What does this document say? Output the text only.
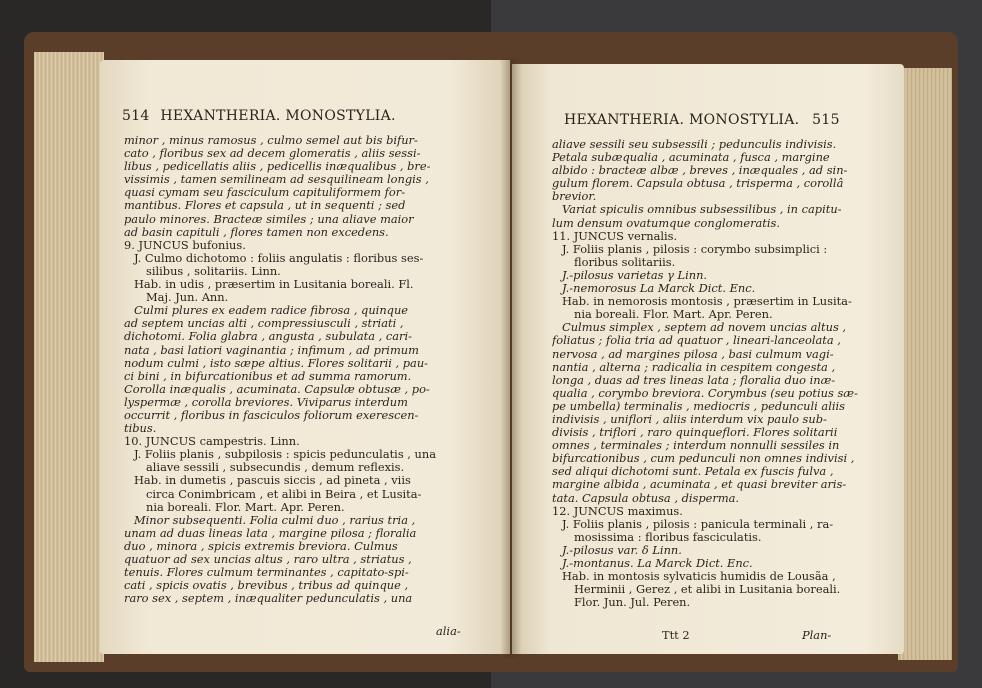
514 HEXANTHERIA. MONOSTYLIA.
minor , minus ramosus , culmo semel aut bis bifur-
cato , floribus sex ad decem glomeratis , aliis sessi-
libus , pedicellatis aliis , pedicellis inæqualibus , bre-
vissimis , tamen semilineam ad sesquilineam longis ,
quasi cymam seu fasciculum capituliformem for-
mantibus. Flores et capsula , ut in sequenti ; sed
paulo minores. Bracteæ similes ; una aliave maior
ad basin capituli , flores tamen non excedens.
9. JUNCUS bufonius.
J. Culmo dichotomo : foliis angulatis : floribus ses-
silibus , solitariis. Linn.
Hab. in udis , præsertim in Lusitania boreali. Fl.
Maj. Jun. Ann.
Culmi plures ex eadem radice fibrosa , quinque
ad septem uncias alti , compressiusculi , striati ,
dichotomi. Folia glabra , angusta , subulata , cari-
nata , basi latiori vaginantia ; infimum , ad primum
nodum culmi , isto sæpe altius. Flores solitarii , pau-
ci bini , in bifurcationibus et ad summa ramorum.
Corolla inæqualis , acuminata. Capsulæ obtusæ , po-
lyspermæ , corolla breviores. Viviparus interdum
occurrit , floribus in fasciculos foliorum exerescen-
tibus.
10. JUNCUS campestris. Linn.
J. Foliis planis , subpilosis : spicis pedunculatis , una
aliave sessili , subsecundis , demum reflexis.
Hab. in dumetis , pascuis siccis , ad pineta , viis
circa Conimbricam , et alibi in Beira , et Lusita-
nia boreali. Flor. Mart. Apr. Peren.
Minor subsequenti. Folia culmi duo , rarius tria ,
unam ad duas lineas lata , margine pilosa ; floralia
duo , minora , spicis extremis breviora. Culmus
quatuor ad sex uncias altus , raro ultra , striatus ,
tenuis. Flores culmum terminantes , capitato-spi-
cati , spicis ovatis , brevibus , tribus ad quinque ,
raro sex , septem , inæqualiter pedunculatis , una
alia-
HEXANTHERIA. MONOSTYLIA. 515
aliave sessili seu subsessili ; pedunculis indivisis.
Petala subæqualia , acuminata , fusca , margine
albido : bracteæ albæ , breves , inæquales , ad sin-
gulum florem. Capsula obtusa , trisperma , corollâ
brevior.
Variat spiculis omnibus subsessilibus , in capitu-
lum densum ovatumque conglomeratis.
11. JUNCUS vernalis.
J. Foliis planis , pilosis : corymbo subsimplici :
floribus solitariis.
J.-pilosus varietas γ Linn.
J.-nemorosus La Marck Dict. Enc.
Hab. in nemorosis montosis , præsertim in Lusita-
nia boreali. Flor. Mart. Apr. Peren.
Culmus simplex , septem ad novem uncias altus ,
foliatus ; folia tria ad quatuor , lineari-lanceolata ,
nervosa , ad margines pilosa , basi culmum vagi-
nantia , alterna ; radicalia in cespitem congesta ,
longa , duas ad tres lineas lata ; floralia duo inæ-
qualia , corymbo breviora. Corymbus (seu potius sæ-
pe umbella) terminalis , mediocris , pedunculi aliis
indivisis , uniflori , aliis interdum vix paulo sub-
divisis , triflori , raro quinqueflori. Flores solitarii
omnes , terminales ; interdum nonnulli sessiles in
bifurcationibus , cum pedunculi non omnes indivisi ,
sed aliqui dichotomi sunt. Petala ex fuscis fulva ,
margine albida , acuminata , et quasi breviter aris-
tata. Capsula obtusa , disperma.
12. JUNCUS maximus.
J. Foliis planis , pilosis : panicula terminali , ra-
mosissima : floribus fasciculatis.
J.-pilosus var. δ Linn.
J.-montanus. La Marck Dict. Enc.
Hab. in montosis sylvaticis humidis de Lousãa ,
Herminii , Gerez , et alibi in Lusitania boreali.
Flor. Jun. Jul. Peren.
Ttt 2	Plan-
